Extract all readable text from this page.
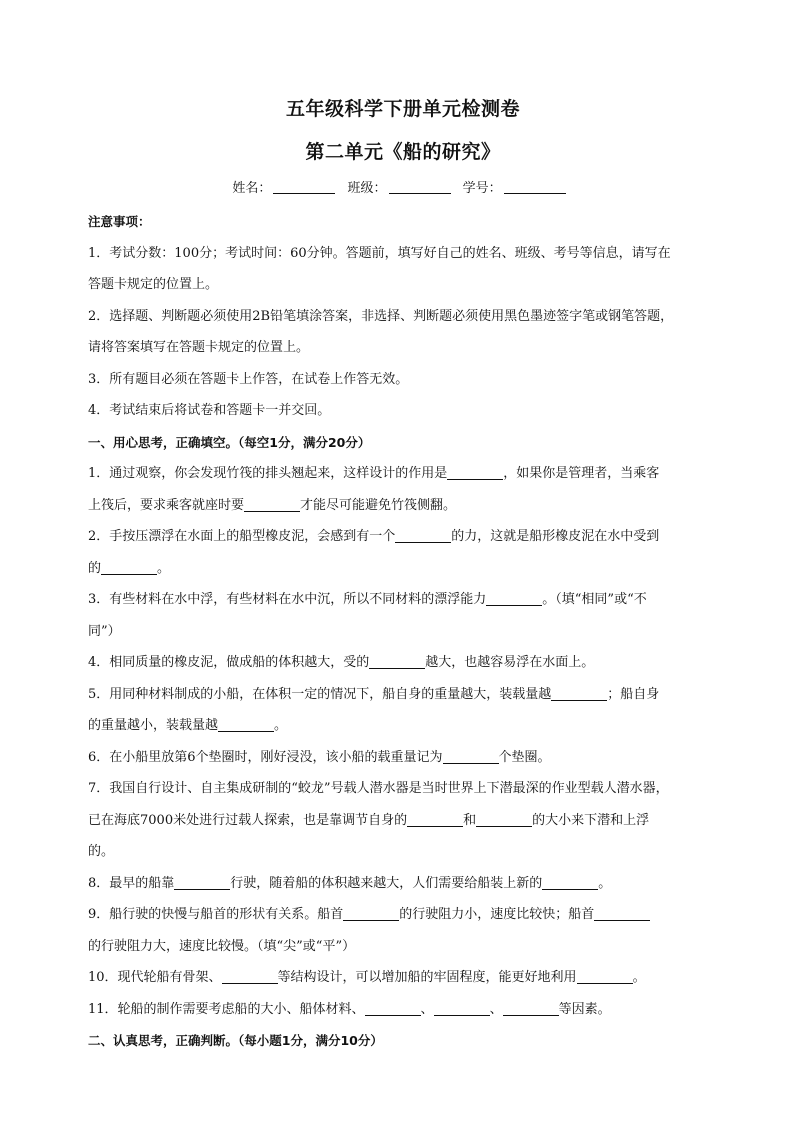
五年级科学下册单元检测卷
第二单元《船的研究》
姓名：	班级：	学号：
注意事项：
1．考试分数：100分；考试时间：60分钟。答题前，填写好自己的姓名、班级、考号等信息，请写在
答题卡规定的位置上。
2．选择题、判断题必须使用2B铅笔填涂答案，非选择、判断题必须使用黑色墨迹签字笔或钢笔答题，
请将答案填写在答题卡规定的位置上。
3．所有题目必须在答题卡上作答，在试卷上作答无效。
4．考试结束后将试卷和答题卡一并交回。
一、用心思考，正确填空。（每空1分，满分20分）
1．通过观察，你会发现竹筏的排头翘起来，这样设计的作用是	，如果你是管理者，当乘客
上筏后，要求乘客就座时要	才能尽可能避免竹筏侧翻。
2．手按压漂浮在水面上的船型橡皮泥，会感到有一个	的力，这就是船形橡皮泥在水中受到
的	。
3．有些材料在水中浮，有些材料在水中沉，所以不同材料的漂浮能力	。（填“相同”或“不
同”）
4．相同质量的橡皮泥，做成船的体积越大，受的	越大，也越容易浮在水面上。
5．用同种材料制成的小船，在体积一定的情况下，船自身的重量越大，装载量越	；船自身
的重量越小，装载量越	。
6．在小船里放第6个垫圈时，刚好浸没，该小船的载重量记为	个垫圈。
7．我国自行设计、自主集成研制的“蛟龙”号载人潜水器是当时世界上下潜最深的作业型载人潜水器，
已在海底7000米处进行过载人探索，也是靠调节自身的	和	的大小来下潜和上浮
的。
8．最早的船靠	行驶，随着船的体积越来越大，人们需要给船装上新的	。
9．船行驶的快慢与船首的形状有关系。船首	的行驶阻力小，速度比较快；船首
的行驶阻力大，速度比较慢。（填“尖”或“平”）
10．现代轮船有骨架、	等结构设计，可以增加船的牢固程度，能更好地利用	。
11．轮船的制作需要考虑船的大小、船体材料、	、	、	等因素。
二、认真思考，正确判断。（每小题1分，满分10分）
